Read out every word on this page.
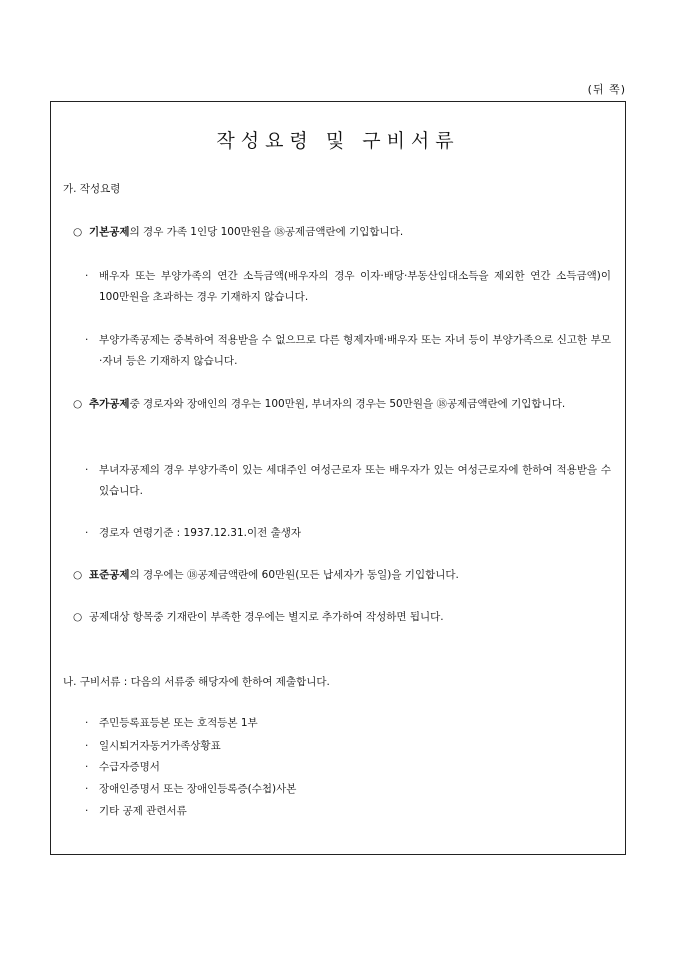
(뒤 쪽)
작성요령 및 구비서류
가. 작성요령
○ 기본공제의 경우 가족 1인당 100만원을 ⑱공제금액란에 기입합니다.
· 배우자 또는 부양가족의 연간 소득금액(배우자의 경우 이자·배당·부동산임대소득을 제외한 연간 소득금액)이 100만원을 초과하는 경우 기재하지 않습니다.
· 부양가족공제는 중복하여 적용받을 수 없으므로 다른 형제자매·배우자 또는 자녀 등이 부양가족으로 신고한 부모·자녀 등은 기재하지 않습니다.
○ 추가공제중 경로자와 장애인의 경우는 100만원, 부녀자의 경우는 50만원을 ⑱공제금액란에 기입합니다.
· 부녀자공제의 경우 부양가족이 있는 세대주인 여성근로자 또는 배우자가 있는 여성근로자에 한하여 적용받을 수 있습니다.
· 경로자 연령기준 : 1937.12.31.이전 출생자
○ 표준공제의 경우에는 ⑱공제금액란에 60만원(모든 납세자가 동일)을 기입합니다.
○ 공제대상 항목중 기재란이 부족한 경우에는 별지로 추가하여 작성하면 됩니다.
나. 구비서류 : 다음의 서류중 해당자에 한하여 제출합니다.
· 주민등록표등본 또는 호적등본 1부
· 일시퇴거자동거가족상황표
· 수급자증명서
· 장애인증명서 또는 장애인등록증(수첩)사본
· 기타 공제 관련서류
